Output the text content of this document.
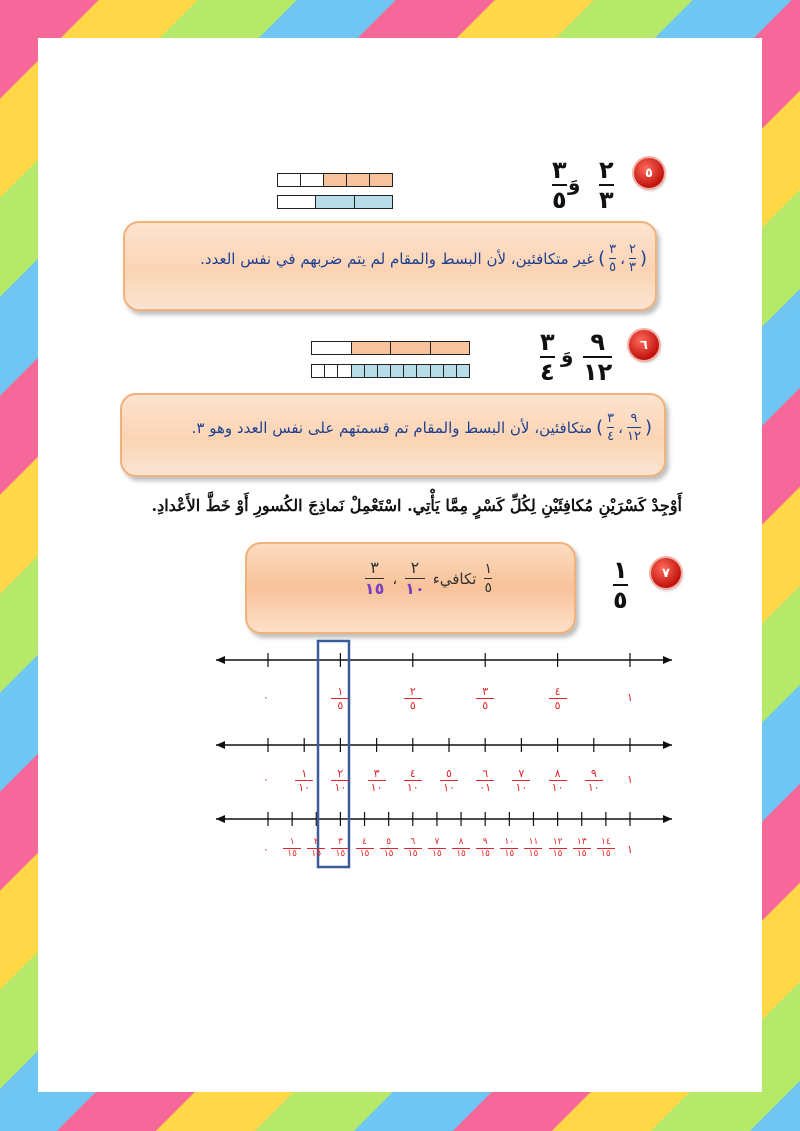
٥
٢
٣
وَ
٣
٥
(
$\frac{٢}{٣}$
،
$\frac{٣}{٥}$
)
غير متكافئين، لأن البسط والمقام لم يتم ضربهم في نفس العدد.
٦
٩
١٢
وَ
٣
٤
(
$\frac{٩}{١٢}$
،
$\frac{٣}{٤}$
)
متكافئين، لأن البسط والمقام تم قسمتهم على نفس العدد وهو ٣.
أَوْجِدْ كَسْرَيْنِ مُكافِئَيْنِ لِكُلِّ كَسْرٍ مِمَّا يَأْتِي. اسْتَعْمِلْ نَماذِجَ الكُسورِ أَوْ خَطَّ الأَعْدادِ.
٧
١
٥
$\frac{١}{٥}$
تكافيء
$\frac{٢}{١٠}$
،
$\frac{٣}{١٥}$
٠	١
١
٥
٢
٥
٣
٥
٤
٥
٠	١
١
١٠
٢
١٠
٣
١٠
٤
١٠
٥
١٠
٦
٠١
٧
١٠
٨
١٠
٩
١٠
٠	١
١
١٥
٢
١٥
٣
١٥
٤
١٥
٥
١٥
٦
١٥
٧
١٥
٨
١٥
٩
١٥
١٠
١٥
١١
١٥
١٢
١٥
١٣
١٥
١٤
١٥
